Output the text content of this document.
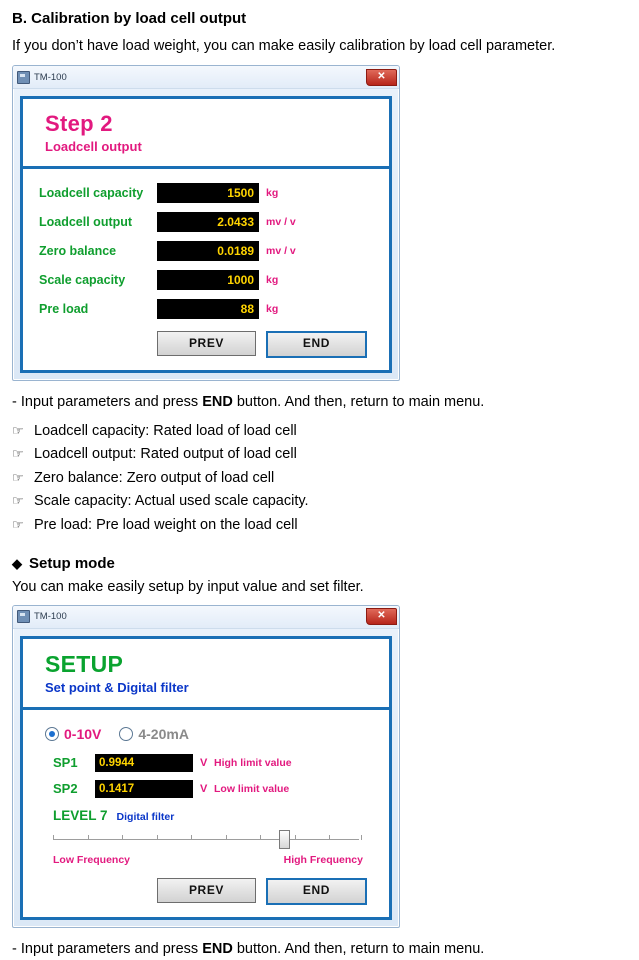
B. Calibration by load cell output
If you don’t have load weight, you can make easily calibration by load cell parameter.
TM-100	✕
Step 2
Loadcell output
Loadcell capacity	1500	kg
Loadcell output	2.0433	mv / v
Zero balance	0.0189	mv / v
Scale capacity	1000	kg
Pre load	88	kg
PREV	END
- Input parameters and press END button. And then, return to main menu.
☞ Loadcell capacity: Rated load of load cell
☞ Loadcell output: Rated output of load cell
☞ Zero balance: Zero output of load cell
☞ Scale capacity: Actual used scale capacity.
☞ Pre load: Pre load weight on the load cell
◆ Setup mode
You can make easily setup by input value and set filter.
TM-100	✕
SETUP
Set point & Digital filter
0-10V	4-20mA
SP1	0.9944	V High limit value
SP2	0.1417	V Low limit value
LEVEL 7 Digital filter
Low Frequency	High Frequency
PREV	END
- Input parameters and press END button. And then, return to main menu.
